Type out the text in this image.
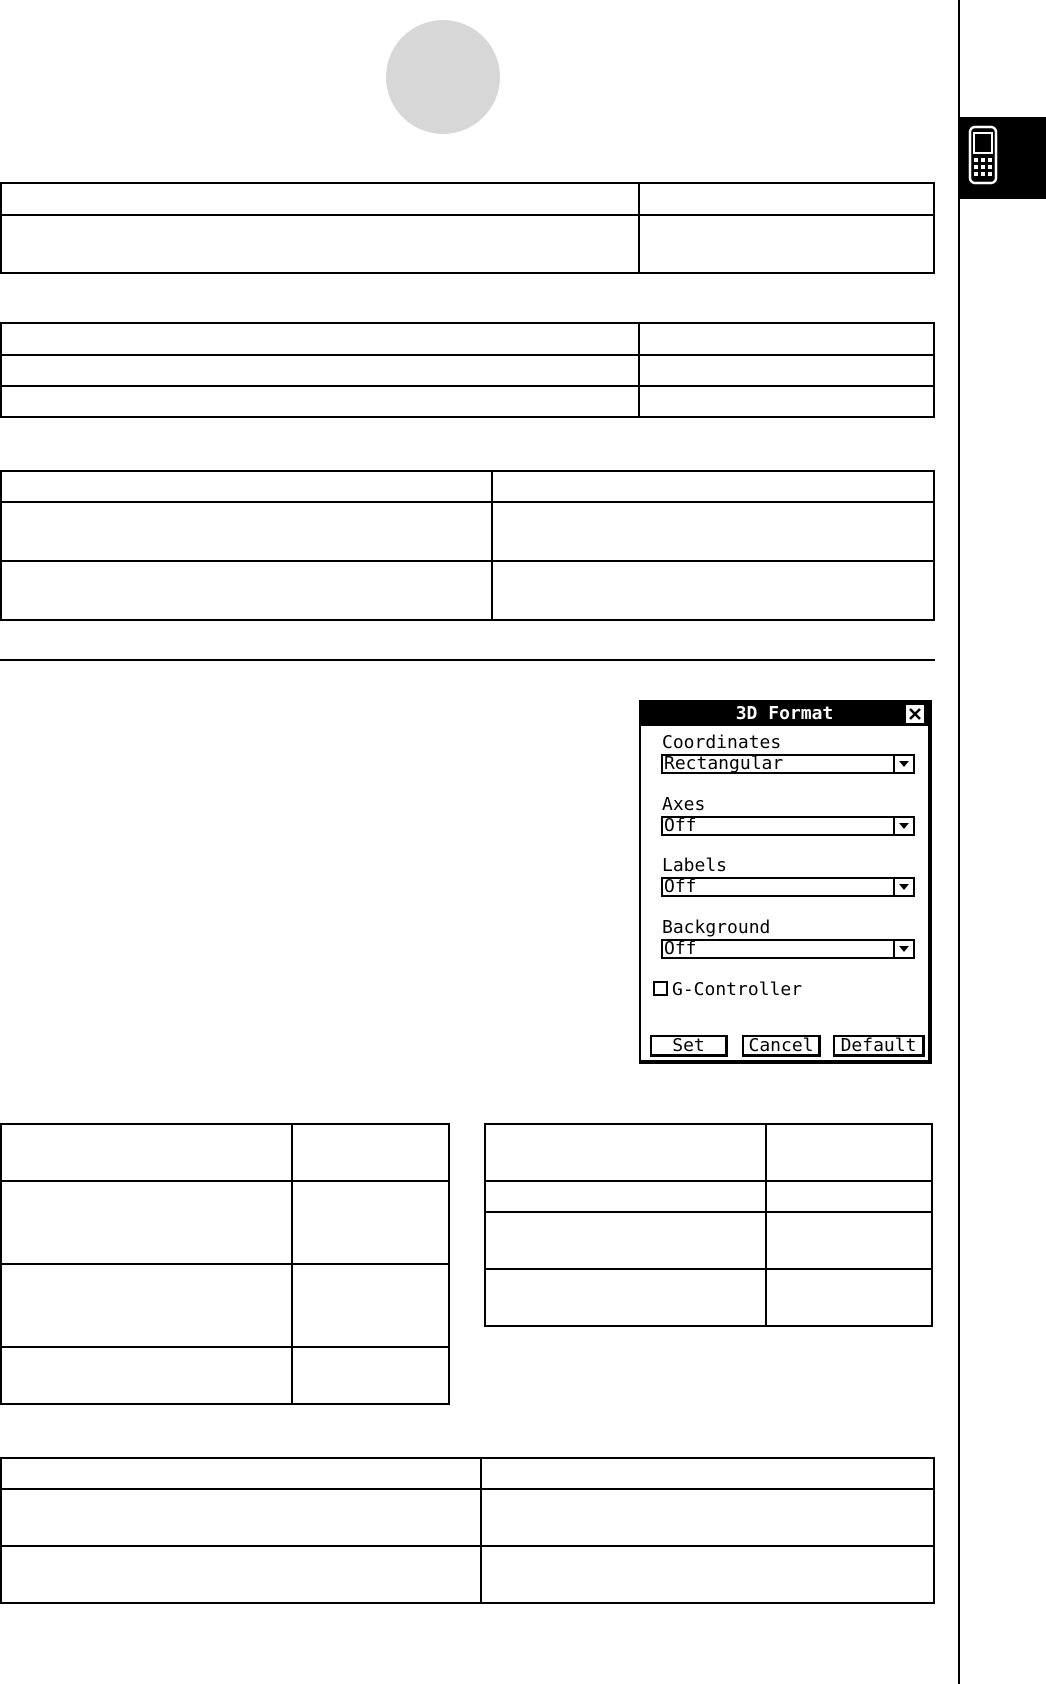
3D Format
Coordinates
Rectangular
Axes
Off
Labels
Off
Background
Off
G-Controller
Set	Cancel	Default
